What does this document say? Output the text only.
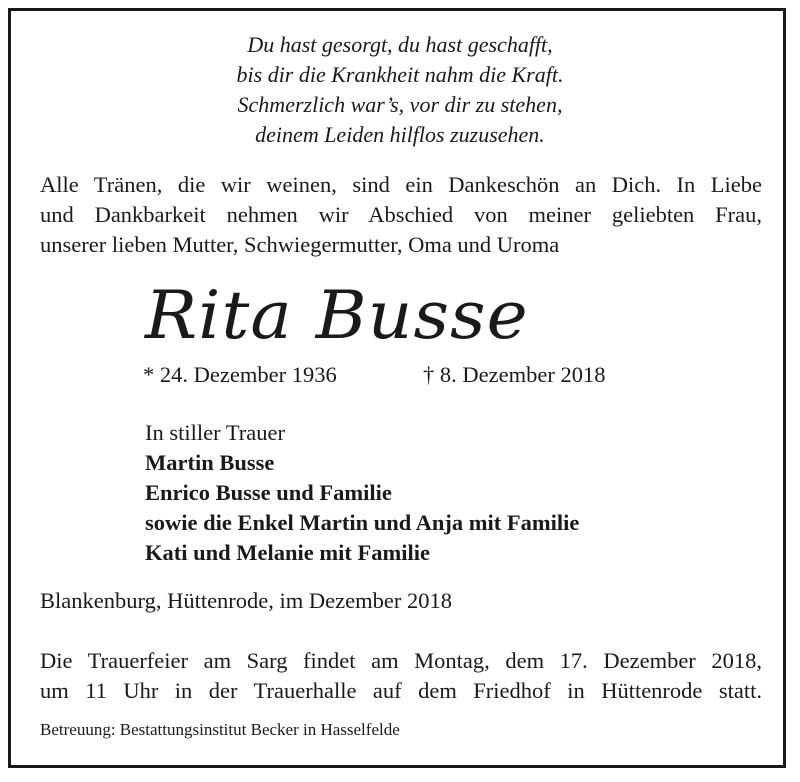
Du hast gesorgt, du hast geschafft,
bis dir die Krankheit nahm die Kraft.
Schmerzlich war’s, vor dir zu stehen,
deinem Leiden hilflos zuzusehen.
Alle Tränen, die wir weinen, sind ein Dankeschön an Dich. In Liebe
und Dankbarkeit nehmen wir Abschied von meiner geliebten Frau,
unserer lieben Mutter, Schwiegermutter, Oma und Uroma
Rita Busse
* 24. Dezember 1936	† 8. Dezember 2018
In stiller Trauer
Martin Busse
Enrico Busse und Familie
sowie die Enkel Martin und Anja mit Familie
Kati und Melanie mit Familie
Blankenburg, Hüttenrode, im Dezember 2018
Die Trauerfeier am Sarg findet am Montag, dem 17. Dezember 2018,
um 11 Uhr in der Trauerhalle auf dem Friedhof in Hüttenrode statt.
Betreuung: Bestattungsinstitut Becker in Hasselfelde
